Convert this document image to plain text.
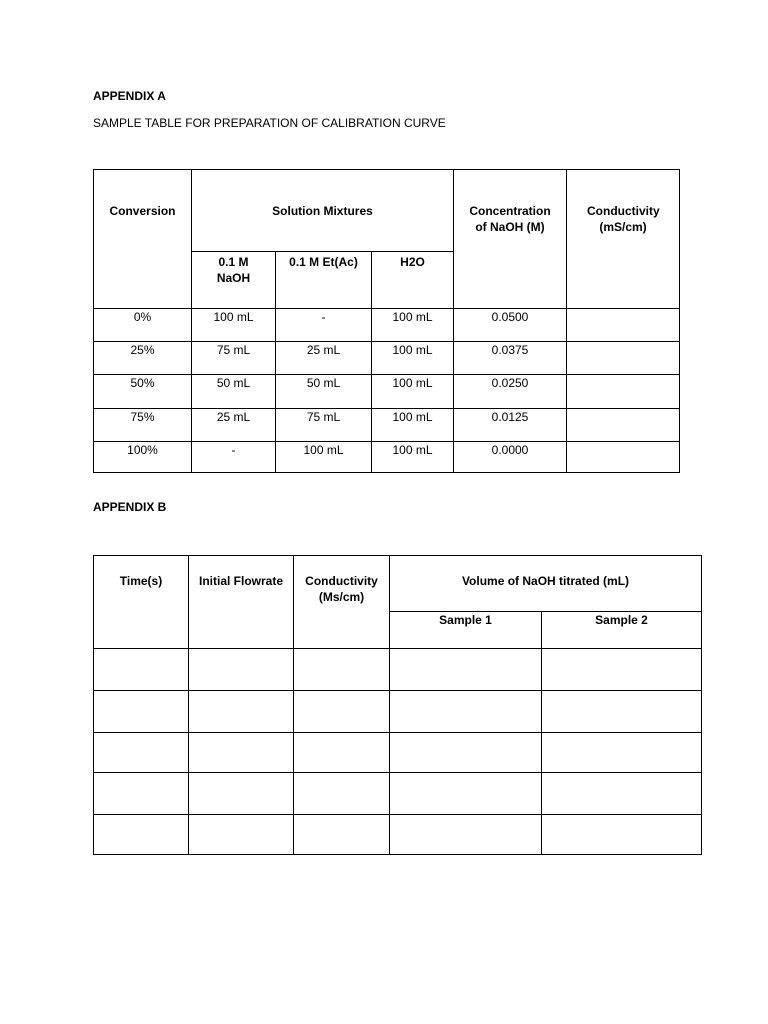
APPENDIX A
SAMPLE TABLE FOR PREPARATION OF CALIBRATION CURVE
Conversion	Solution Mixtures			Concentration of NaOH (M)	Conductivity (mS/cm)
	0.1 M NaOH	0.1 M Et(Ac)	H2O		
0%	100 mL	-	100 mL	0.0500	
25%	75 mL	25 mL	100 mL	0.0375	
50%	50 mL	50 mL	100 mL	0.0250	
75%	25 mL	75 mL	100 mL	0.0125	
100%	-	100 mL	100 mL	0.0000	
APPENDIX B
Time(s)	Initial Flowrate	Conductivity (Ms/cm)	Volume of NaOH titrated (mL)	
			Sample 1	Sample 2
